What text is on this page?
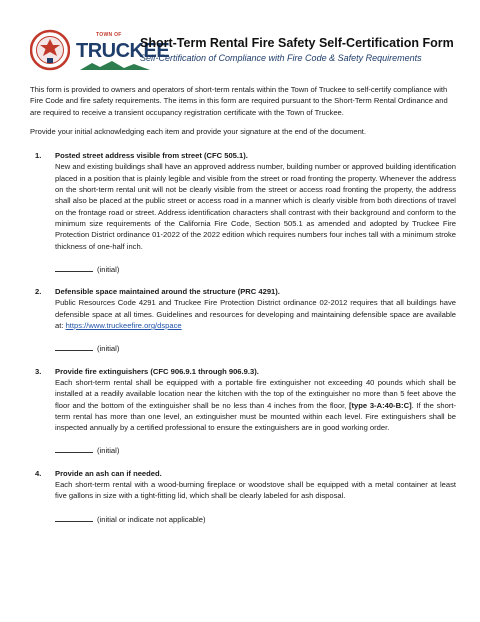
TOWN OF
TRUCKEE
Short-Term Rental Fire Safety Self-Certification Form
Self-Certification of Compliance with Fire Code & Safety Requirements

This form is provided to owners and operators of short-term rentals within the Town of Truckee to self-certify compliance with Fire Code and fire safety requirements. The items in this form are required pursuant to the Short-Term Rental Ordinance and are required to receive a transient occupancy registration certificate with the Town of Truckee.

Provide your initial acknowledging each item and provide your signature at the end of the document.

1. Posted street address visible from street (CFC 505.1).
New and existing buildings shall have an approved address number, building number or approved building identification placed in a position that is plainly legible and visible from the street or road fronting the property. Whenever the address on the short-term rental unit will not be clearly visible from the street or access road fronting the property, the address shall also be placed at the public street or access road in a manner which is clearly visible from both directions of travel on the frontage road or street. Address identification characters shall contrast with their background and conform to the minimum size requirements of the California Fire Code, Section 505.1 as amended and adopted by Truckee Fire Protection District ordinance 01-2022 of the 2022 edition which requires numbers four inches tall with a minimum stroke thickness of one-half inch.
(initial)
2. Defensible space maintained around the structure (PRC 4291).
Public Resources Code 4291 and Truckee Fire Protection District ordinance 02-2012 requires that all buildings have defensible space at all times. Guidelines and resources for developing and maintaining defensible space are available at: https://www.truckeefire.org/dspace
(initial)
3. Provide fire extinguishers (CFC 906.9.1 through 906.9.3).
Each short-term rental shall be equipped with a portable fire extinguisher not exceeding 40 pounds which shall be installed at a readily available location near the kitchen with the top of the extinguisher no more than 5 feet above the floor and the bottom of the extinguisher shall be no less than 4 inches from the floor, [type 3-A:40-B:C]. If the short-term rental has more than one level, an extinguisher must be mounted within each level. Fire extinguishers shall be inspected annually by a certified professional to ensure the extinguishers are in good working order.
(initial)
4. Provide an ash can if needed.
Each short-term rental with a wood-burning fireplace or woodstove shall be equipped with a metal container at least five gallons in size with a tight-fitting lid, which shall be clearly labeled for ash disposal.
(initial or indicate not applicable)
